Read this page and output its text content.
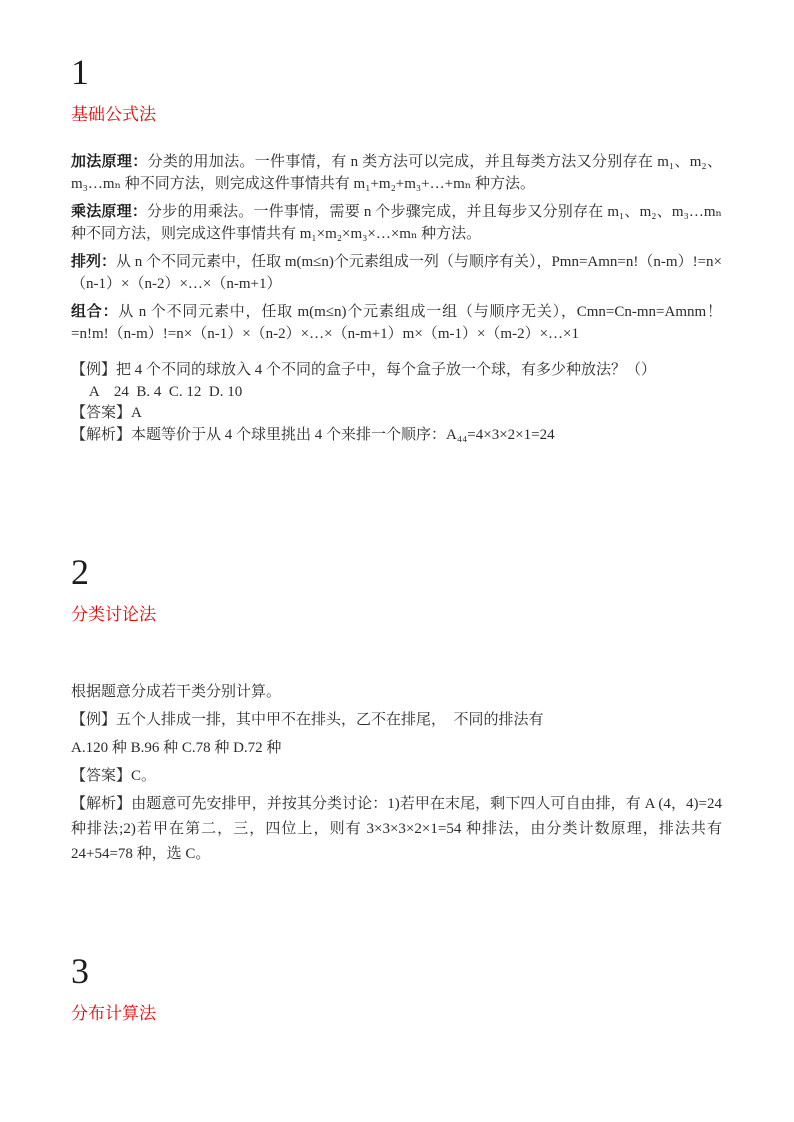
1
基础公式法

加法原理：分类的用加法。一件事情，有 n 类方法可以完成，并且每类方法又分别存在 m₁、m₂、m₃…mₙ 种不同方法，则完成这件事情共有 m₁+m₂+m₃+…+mₙ 种方法。

乘法原理：分步的用乘法。一件事情，需要 n 个步骤完成，并且每步又分别存在 m₁、m₂、m₃…mₙ 种不同方法，则完成这件事情共有 m₁×m₂×m₃×…×mₙ 种方法。

排列：从 n 个不同元素中，任取 m(m≤n)个元素组成一列（与顺序有关），Pmn=Amn=n!（n-m）!=n×（n-1）×（n-2）×…×（n-m+1）

组合：从 n 个不同元素中，任取 m(m≤n)个元素组成一组（与顺序无关），Cmn=Cn-mn=Amnm！ =n!m!（n-m）!=n×（n-1）×（n-2）×…×（n-m+1）m×（m-1）×（m-2）×…×1

【例】把 4 个不同的球放入 4 个不同的盒子中，每个盒子放一个球，有多少种放法？（）

　 A　24  B. 4  C. 12  D. 10

【答案】A

【解析】本题等价于从 4 个球里挑出 4 个来排一个顺序：A₄₄=4×3×2×1=24

2
分类讨论法

根据题意分成若干类分别计算。

【例】五个人排成一排，其中甲不在排头，乙不在排尾，　不同的排法有

A.120 种 B.96 种 C.78 种 D.72 种

【答案】C。

【解析】由题意可先安排甲，并按其分类讨论：1)若甲在末尾，剩下四人可自由排，有 A (4，4)=24 种排法;2)若甲在第二，三，四位上，则有 3×3×3×2×1=54 种排法，由分类计数原理，排法共有 24+54=78 种，选 C。

3
分布计算法
